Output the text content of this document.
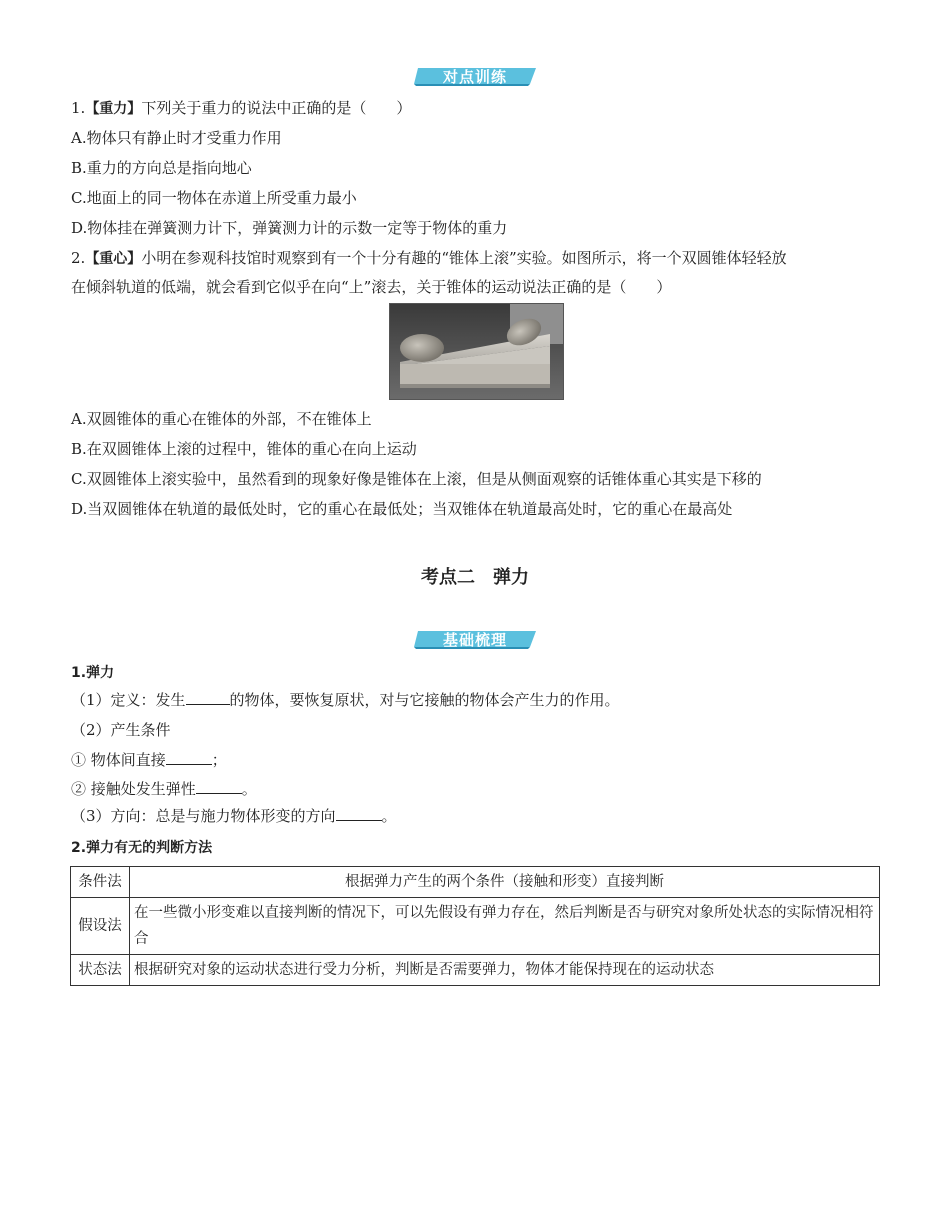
对点训练
1.【重力】下列关于重力的说法中正确的是（　　）
A.物体只有静止时才受重力作用
B.重力的方向总是指向地心
C.地面上的同一物体在赤道上所受重力最小
D.物体挂在弹簧测力计下，弹簧测力计的示数一定等于物体的重力
2.【重心】小明在参观科技馆时观察到有一个十分有趣的“锥体上滚”实验。如图所示，将一个双圆锥体轻轻放
在倾斜轨道的低端，就会看到它似乎在向“上”滚去，关于锥体的运动说法正确的是（　　）
A.双圆锥体的重心在锥体的外部，不在锥体上
B.在双圆锥体上滚的过程中，锥体的重心在向上运动
C.双圆锥体上滚实验中，虽然看到的现象好像是锥体在上滚，但是从侧面观察的话锥体重心其实是下移的
D.当双圆锥体在轨道的最低处时，它的重心在最低处；当双锥体在轨道最高处时，它的重心在最高处
考点二　弹力
基础梳理
1.弹力
（1）定义：发生	的物体，要恢复原状，对与它接触的物体会产生力的作用。
（2）产生条件
① 物体间直接	；
② 接触处发生弹性	。
（3）方向：总是与施力物体形变的方向	。
2.弹力有无的判断方法
条件法	根据弹力产生的两个条件（接触和形变）直接判断
假设法	在一些微小形变难以直接判断的情况下，可以先假设有弹力存在，然后判断是否与研究对象所处状态的实际情况相符合
状态法	根据研究对象的运动状态进行受力分析，判断是否需要弹力，物体才能保持现在的运动状态
